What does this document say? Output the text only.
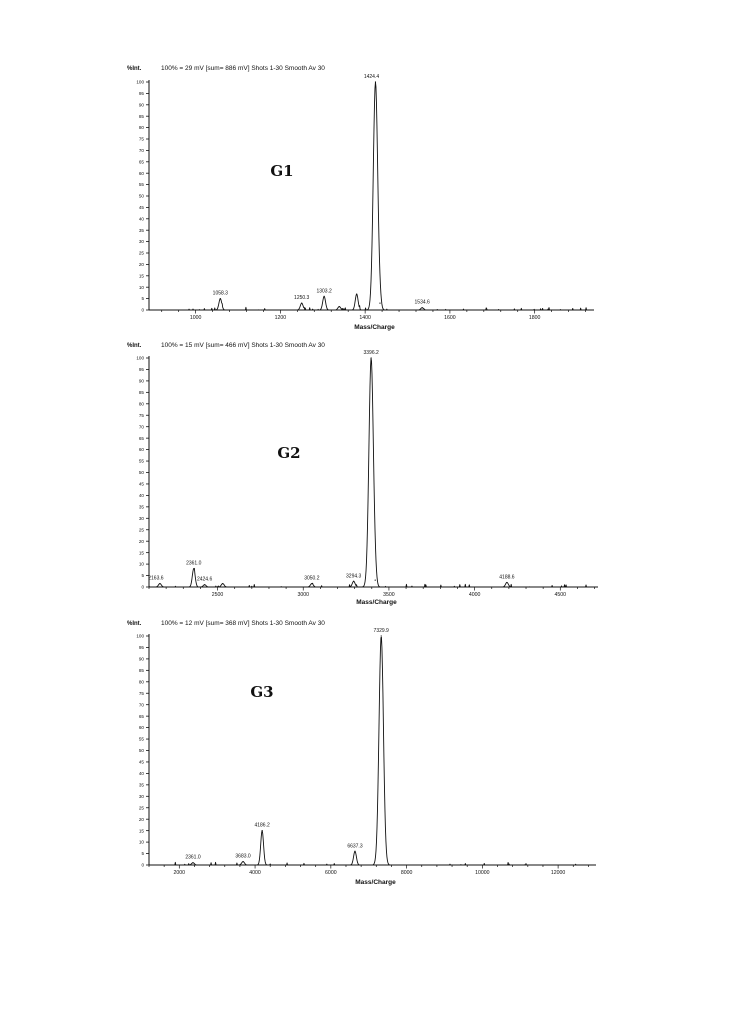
%Int.	100% = 29 mV [sum= 886 mV] Shots 1-30 Smooth Av 30
0
5
10
15
20
25
30
35
40
45
50
55
60
65
70
75
80
85
90
95
100
1000	1200	1400	1600	1800
Mass/Charge
1058.3
1250.3
1303.2
1424.4
1534.6
G1
%Int.	100% = 15 mV [sum= 466 mV] Shots 1-30 Smooth Av 30
0
5
10
15
20
25
30
35
40
45
50
55
60
65
70
75
80
85
90
95
100
2500	3000	3500	4000	4500
Mass/Charge
2163.6
2361.0
2424.6	3050.2	3294.3
3396.2
4188.6
G2
%Int.	100% = 12 mV [sum= 368 mV] Shots 1-30 Smooth Av 30
0
5
10
15
20
25
30
35
40
45
50
55
60
65
70
75
80
85
90
95
100
2000	4000	6000	8000	10000	12000
Mass/Charge
2361.0	3683.0
4186.2
6637.3
7329.9
G3
